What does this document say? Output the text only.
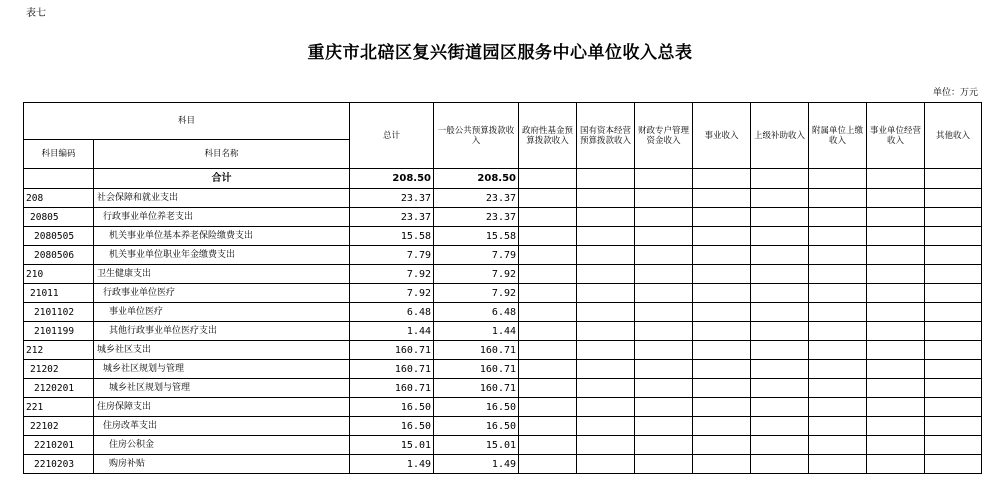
表七
重庆市北碚区复兴街道园区服务中心单位收入总表
单位：万元
科目		总计	一般公共预算拨款收入	政府性基金预算拨款收入	国有资本经营预算拨款收入	财政专户管理资金收入	事业收入	上级补助收入	附属单位上缴收入	事业单位经营收入	其他收入
科目编码	科目名称										
	合计	208.50	208.50								
208	社会保障和就业支出	23.37	23.37								
20805	行政事业单位养老支出	23.37	23.37								
2080505	机关事业单位基本养老保险缴费支出	15.58	15.58								
2080506	机关事业单位职业年金缴费支出	7.79	7.79								
210	卫生健康支出	7.92	7.92								
21011	行政事业单位医疗	7.92	7.92								
2101102	事业单位医疗	6.48	6.48								
2101199	其他行政事业单位医疗支出	1.44	1.44								
212	城乡社区支出	160.71	160.71								
21202	城乡社区规划与管理	160.71	160.71								
2120201	城乡社区规划与管理	160.71	160.71								
221	住房保障支出	16.50	16.50								
22102	住房改革支出	16.50	16.50								
2210201	住房公积金	15.01	15.01								
2210203	购房补贴	1.49	1.49								
